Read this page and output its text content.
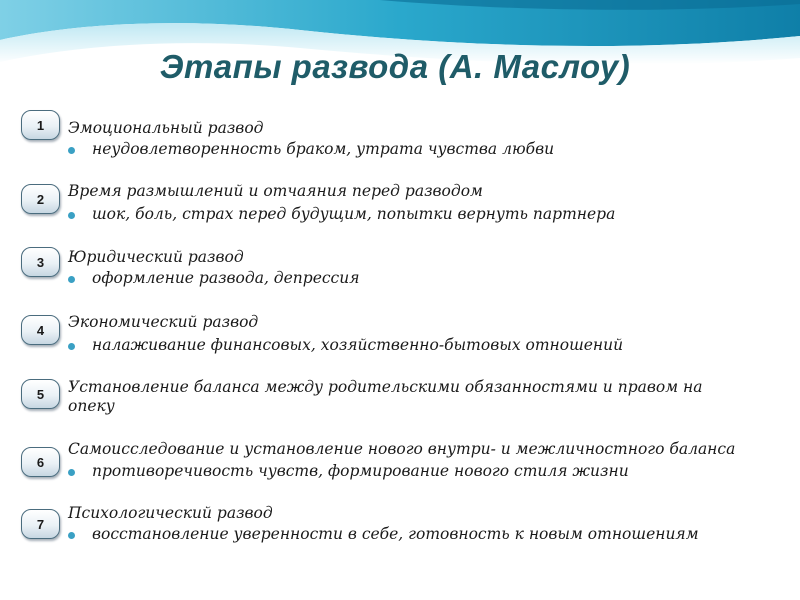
Этапы развода (А. Маслоу)
1	Эмоциональный развод
неудовлетворенность браком, утрата чувства любви
2	Время размышлений и отчаяния перед разводом
шок, боль, страх перед будущим, попытки вернуть партнера
3	Юридический развод
оформление развода, депрессия
4	Экономический развод
налаживание финансовых, хозяйственно-бытовых отношений
5	Установление баланса между родительскими обязанностями и правом на опеку
6
Самоисследование и установление нового внутри- и межличностного баланса
противоречивость чувств, формирование нового стиля жизни
7
Психологический развод
восстановление уверенности в себе, готовность к новым отношениям
